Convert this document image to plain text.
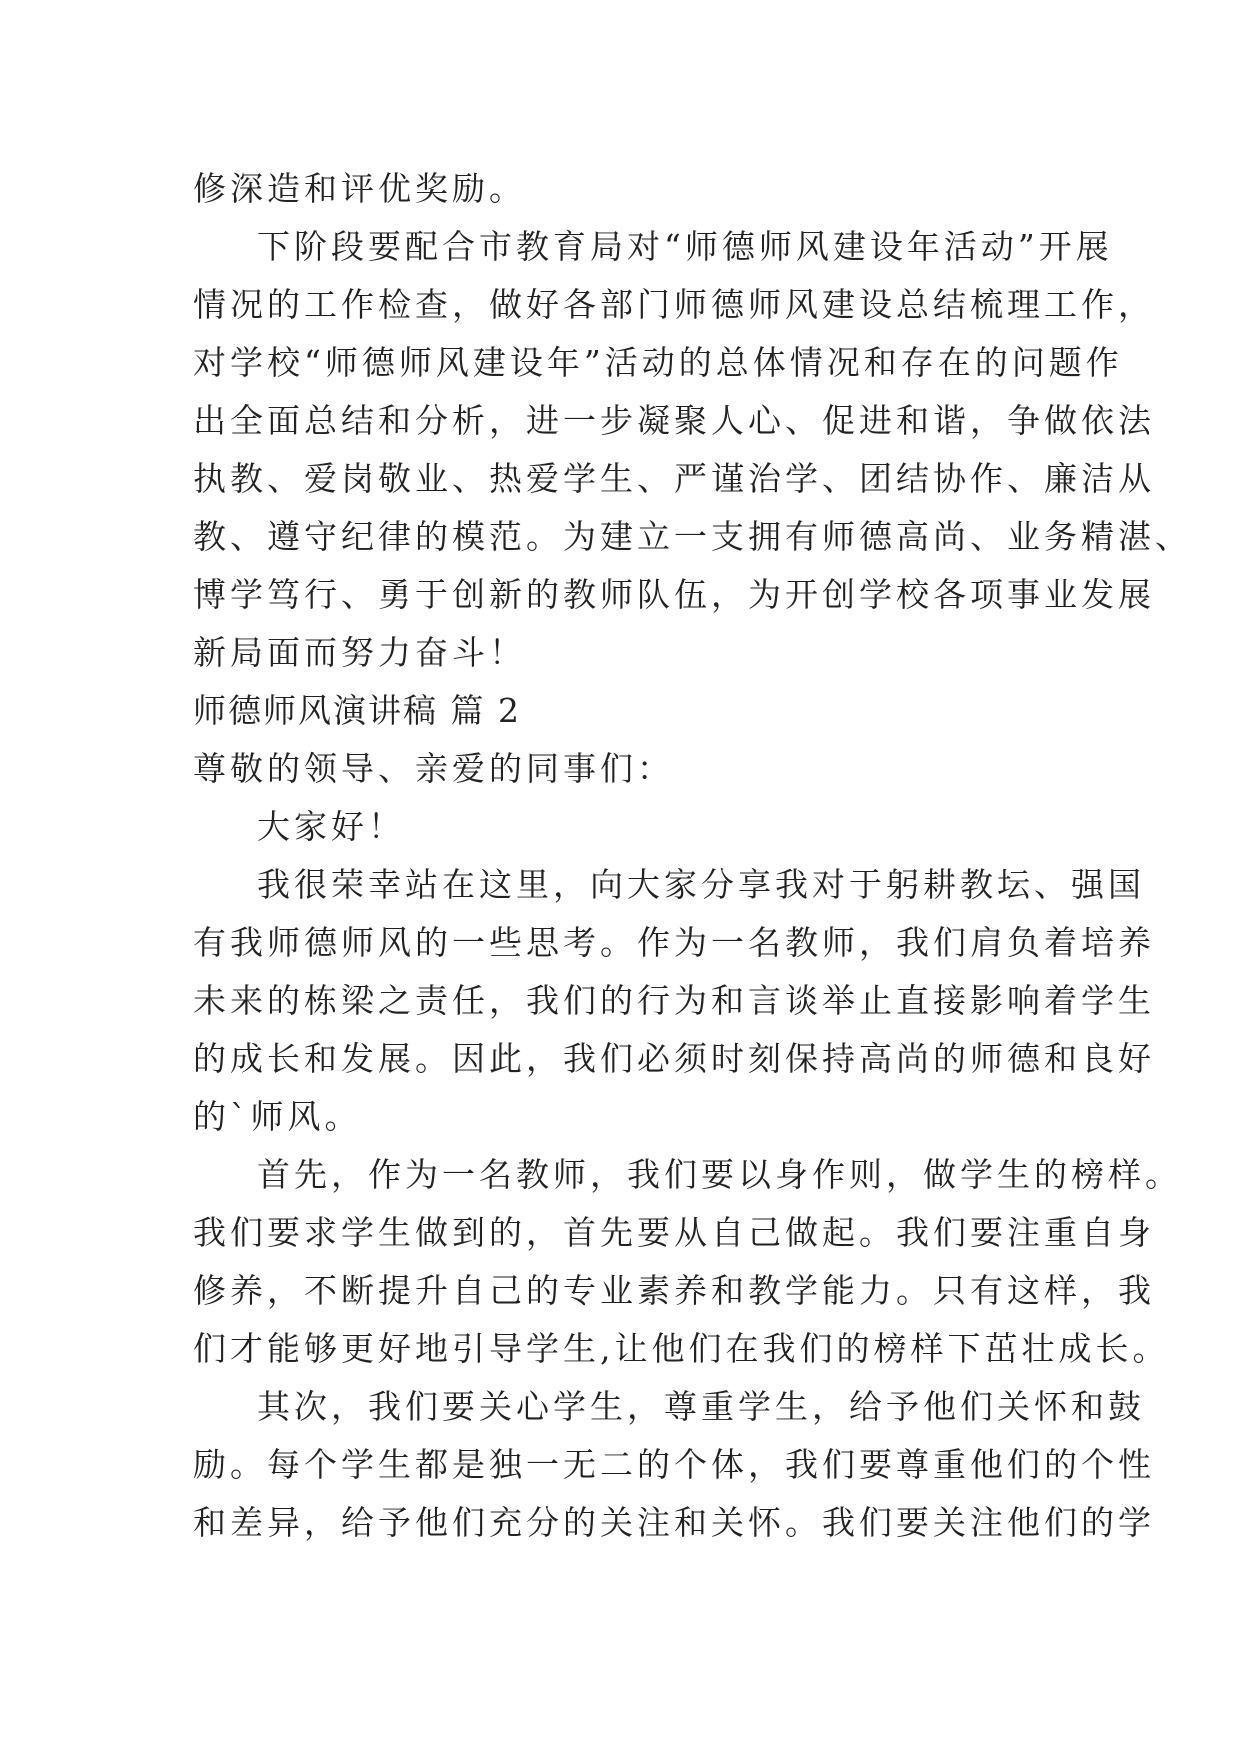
修深造和评优奖励。
下阶段要配合市教育局对“师德师风建设年活动”开展
情况的工作检查，做好各部门师德师风建设总结梳理工作，
对学校“师德师风建设年”活动的总体情况和存在的问题作
出全面总结和分析，进一步凝聚人心、促进和谐，争做依法
执教、爱岗敬业、热爱学生、严谨治学、团结协作、廉洁从
教、遵守纪律的模范。为建立一支拥有师德高尚、业务精湛、
博学笃行、勇于创新的教师队伍，为开创学校各项事业发展
新局面而努力奋斗！
师德师风演讲稿 篇 2
尊敬的领导、亲爱的同事们：
大家好！
我很荣幸站在这里，向大家分享我对于躬耕教坛、强国
有我师德师风的一些思考。作为一名教师，我们肩负着培养
未来的栋梁之责任，我们的行为和言谈举止直接影响着学生
的成长和发展。因此，我们必须时刻保持高尚的师德和良好
的`师风。
首先，作为一名教师，我们要以身作则，做学生的榜样。
我们要求学生做到的，首先要从自己做起。我们要注重自身
修养，不断提升自己的专业素养和教学能力。只有这样，我
们才能够更好地引导学生,让他们在我们的榜样下茁壮成长。
其次，我们要关心学生，尊重学生，给予他们关怀和鼓
励。每个学生都是独一无二的个体，我们要尊重他们的个性
和差异，给予他们充分的关注和关怀。我们要关注他们的学
